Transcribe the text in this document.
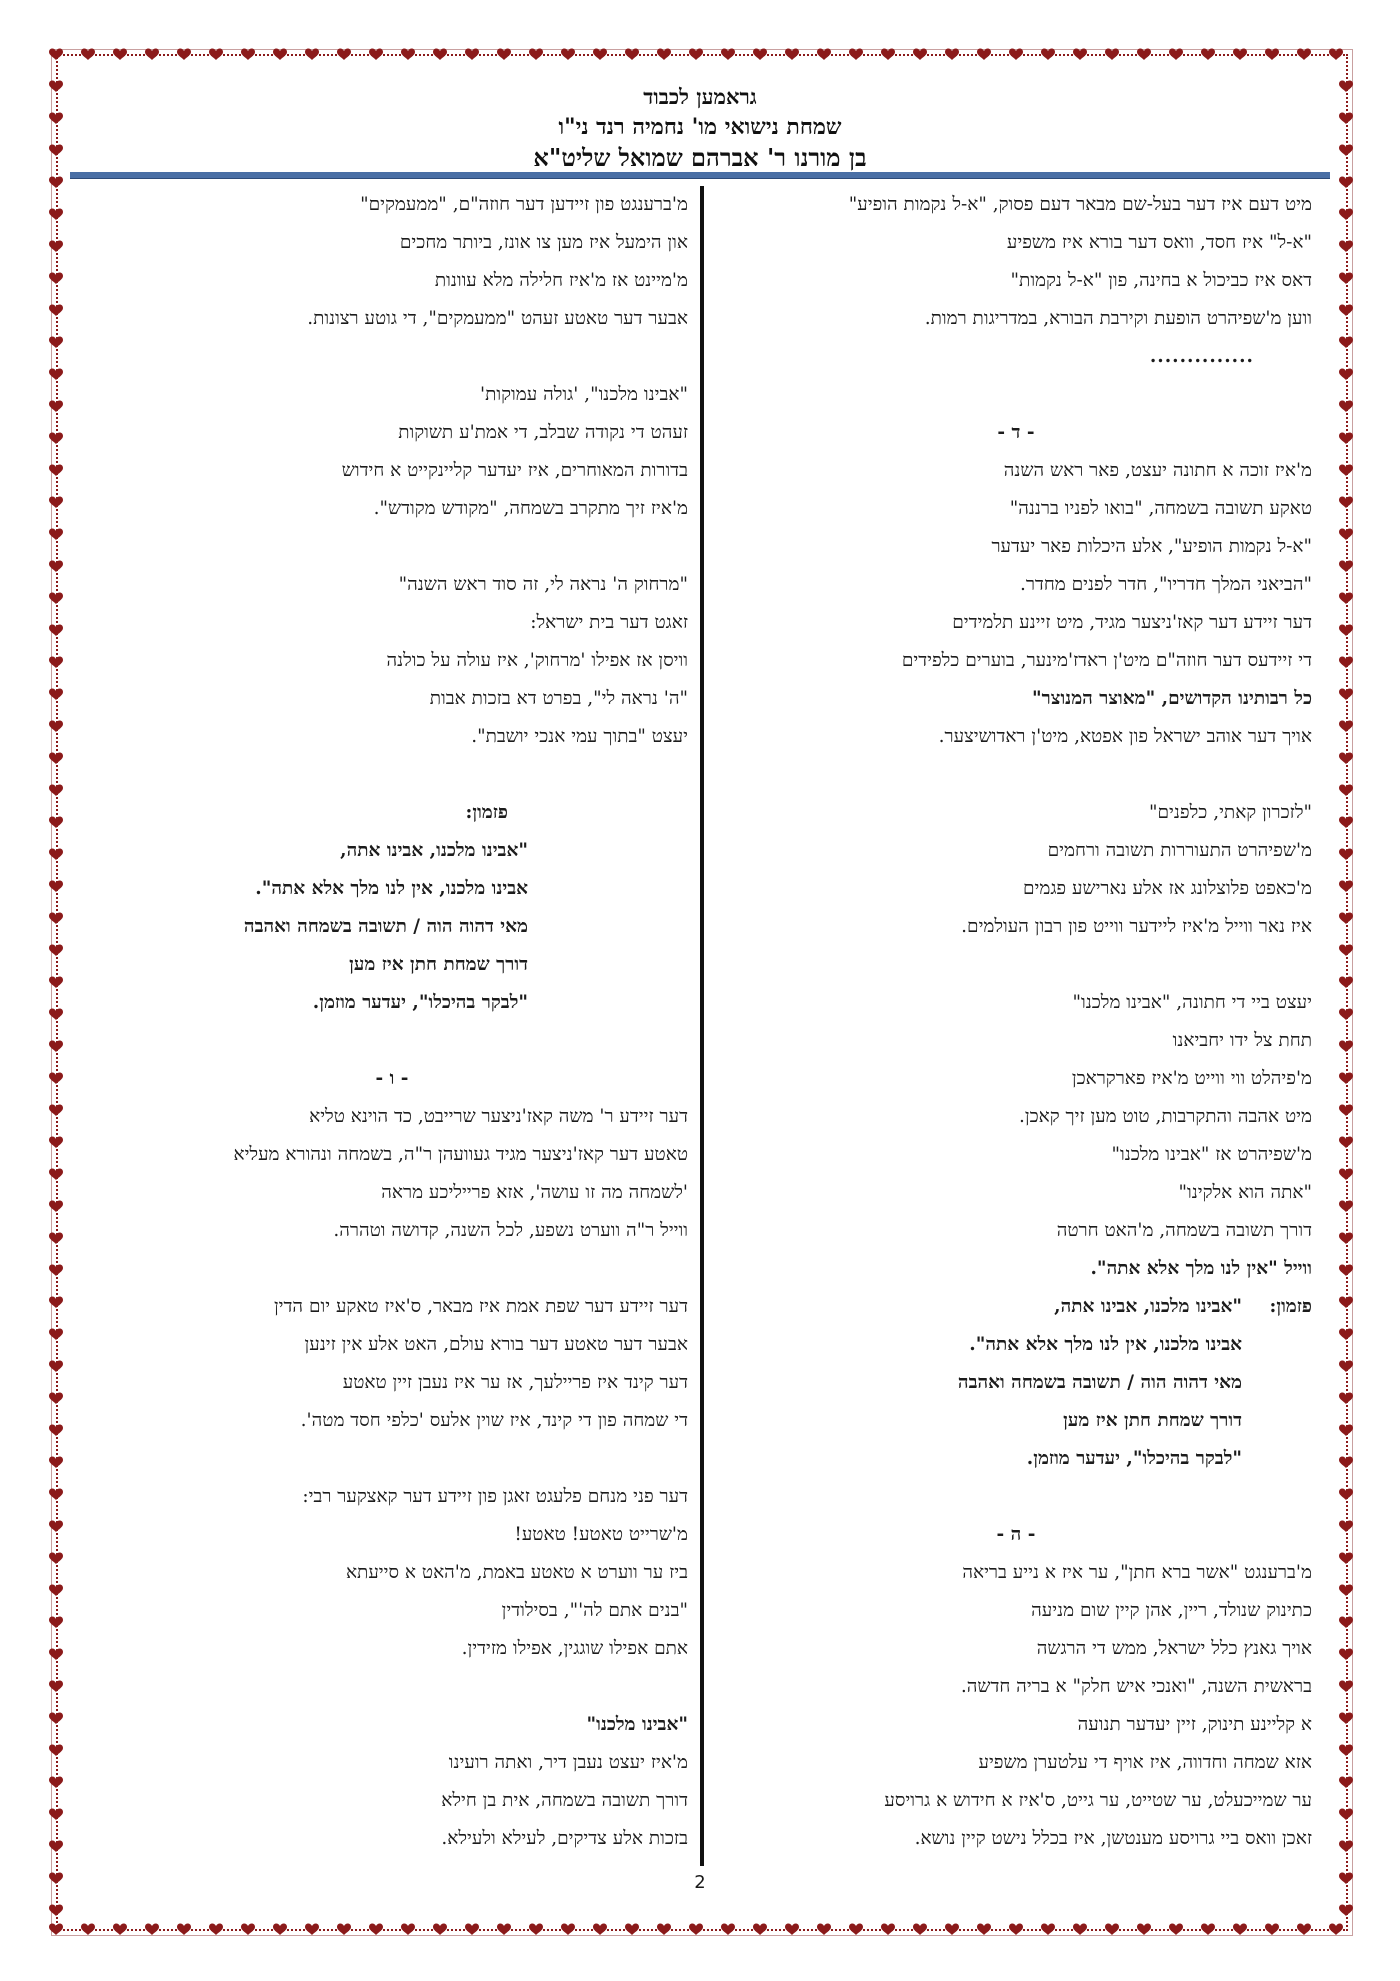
גראמען לכבוד
שמחת נישואי מו' נחמיה רנד ני"ו
בן מורנו ר' אברהם שמואל שליט"א
מיט דעם איז דער בעל-שם מבאר דעם פסוק, "א-ל נקמות הופיע"
"א-ל" איז חסד, וואס דער בורא איז משפיע
דאס איז כביכול א בחינה, פון "א-ל נקמות"
ווען מ'שפיהרט הופעת וקירבת הבורא, במדריגות רמות.
..............
- ד -
מ'איז זוכה א חתונה יעצט, פאר ראש השנה
טאקע תשובה בשמחה, "בואו לפניו ברננה"
"א-ל נקמות הופיע", אלע היכלות פאר יעדער
"הביאני המלך חדריו", חדר לפנים מחדר.
דער זיידע דער קאז'ניצער מגיד, מיט זיינע תלמידים
די זיידעס דער חוזה"ם מיט'ן ראדז'מינער, בוערים כלפידים
כל רבותינו הקדושים, "מאוצר המנוצר"
אויך דער אוהב ישראל פון אפטא, מיט'ן ראדושיצער.
"לזכרון קאתי, כלפנים"
מ'שפיהרט התעוררות תשובה ורחמים
מ'כאפט פלוצלונג אז אלע נארישע פגמים
איז נאר ווייל מ'איז ליידער ווייט פון רבון העולמים.
יעצט ביי די חתונה, "אבינו מלכנו"
תחת צל ידו יחביאנו
מ'פיהלט ווי ווייט מ'איז פארקראכן
מיט אהבה והתקרבות, טוט מען זיך קאכן.
מ'שפיהרט אז "אבינו מלכנו"
"אתה הוא אלקינו"
דורך תשובה בשמחה, מ'האט חרטה
ווייל "אין לנו מלך אלא אתה".
פזמון:
"אבינו מלכנו, אבינו אתה,
אבינו מלכנו, אין לנו מלך אלא אתה".
מאי דהוה הוה / תשובה בשמחה ואהבה
דורך שמחת חתן איז מען
"לבקר בהיכלו", יעדער מוזמן.
- ה -
מ'ברענגט "אשר ברא חתן", ער איז א נייע בריאה
כתינוק שנולד, ריין, אהן קיין שום מניעה
אויך גאנץ כלל ישראל, ממש די הרגשה
בראשית השנה, "ואנכי איש חלק" א בריה חדשה.
א קליינע תינוק, זיין יעדער תנועה
אזא שמחה וחדווה, איז אויף די עלטערן משפיע
ער שמייכעלט, ער שטייט, ער גייט, ס'איז א חידוש א גרויסע
זאכן וואס ביי גרויסע מענטשן, איז בכלל נישט קיין נושא.
מ'ברענגט פון זיידען דער חוזה"ם, "ממעמקים"
און הימעל איז מען צו אונז, ביותר מחכים
מ'מיינט אז מ'איז חלילה מלא עוונות
אבער דער טאטע זעהט "ממעמקים", די גוטע רצונות.
"אבינו מלכנו", 'גולה עמוקות'
זעהט די נקודה שבלב, די אמת'ע תשוקות
בדורות המאוחרים, איז יעדער קליינקייט א חידוש
מ'איז זיך מתקרב בשמחה, "מקודש מקודש".
"מרחוק ה' נראה לי, זה סוד ראש השנה"
זאגט דער בית ישראל:
וויסן אז אפילו 'מרחוק', איז עולה על כולנה
"ה' נראה לי", בפרט דא בזכות אבות
יעצט "בתוך עמי אנכי יושבת".
פזמון:
"אבינו מלכנו, אבינו אתה,
אבינו מלכנו, אין לנו מלך אלא אתה".
מאי דהוה הוה / תשובה בשמחה ואהבה
דורך שמחת חתן איז מען
"לבקר בהיכלו", יעדער מוזמן.
- ו -
דער זיידע ר' משה קאז'ניצער שרייבט, כד הוינא טליא
טאטע דער קאז'ניצער מגיד געוועהן ר"ה, בשמחה ונהורא מעליא
'לשמחה מה זו עושה', אזא פרייליכע מראה
ווייל ר"ה ווערט נשפע, לכל השנה, קדושה וטהרה.
דער זיידע דער שפת אמת איז מבאר, ס'איז טאקע יום הדין
אבער דער טאטע דער בורא עולם, האט אלע אין זינען
דער קינד איז פריילעך, אז ער איז נעבן זיין טאטע
די שמחה פון די קינד, איז שוין אלעס 'כלפי חסד מטה'.
דער פני מנחם פלעגט זאגן פון זיידע דער קאצקער רבי:
מ'שרייט טאטע! טאטע!
ביז ער ווערט א טאטע באמת, מ'האט א סייעתא
"בנים אתם לה'", בסילודין
אתם אפילו שוגגין, אפילו מזידין.
"אבינו מלכנו"
מ'איז יעצט נעבן דיר, ואתה רועינו
דורך תשובה בשמחה, אית בן חילא
בזכות אלע צדיקים, לעילא ולעילא.
2
